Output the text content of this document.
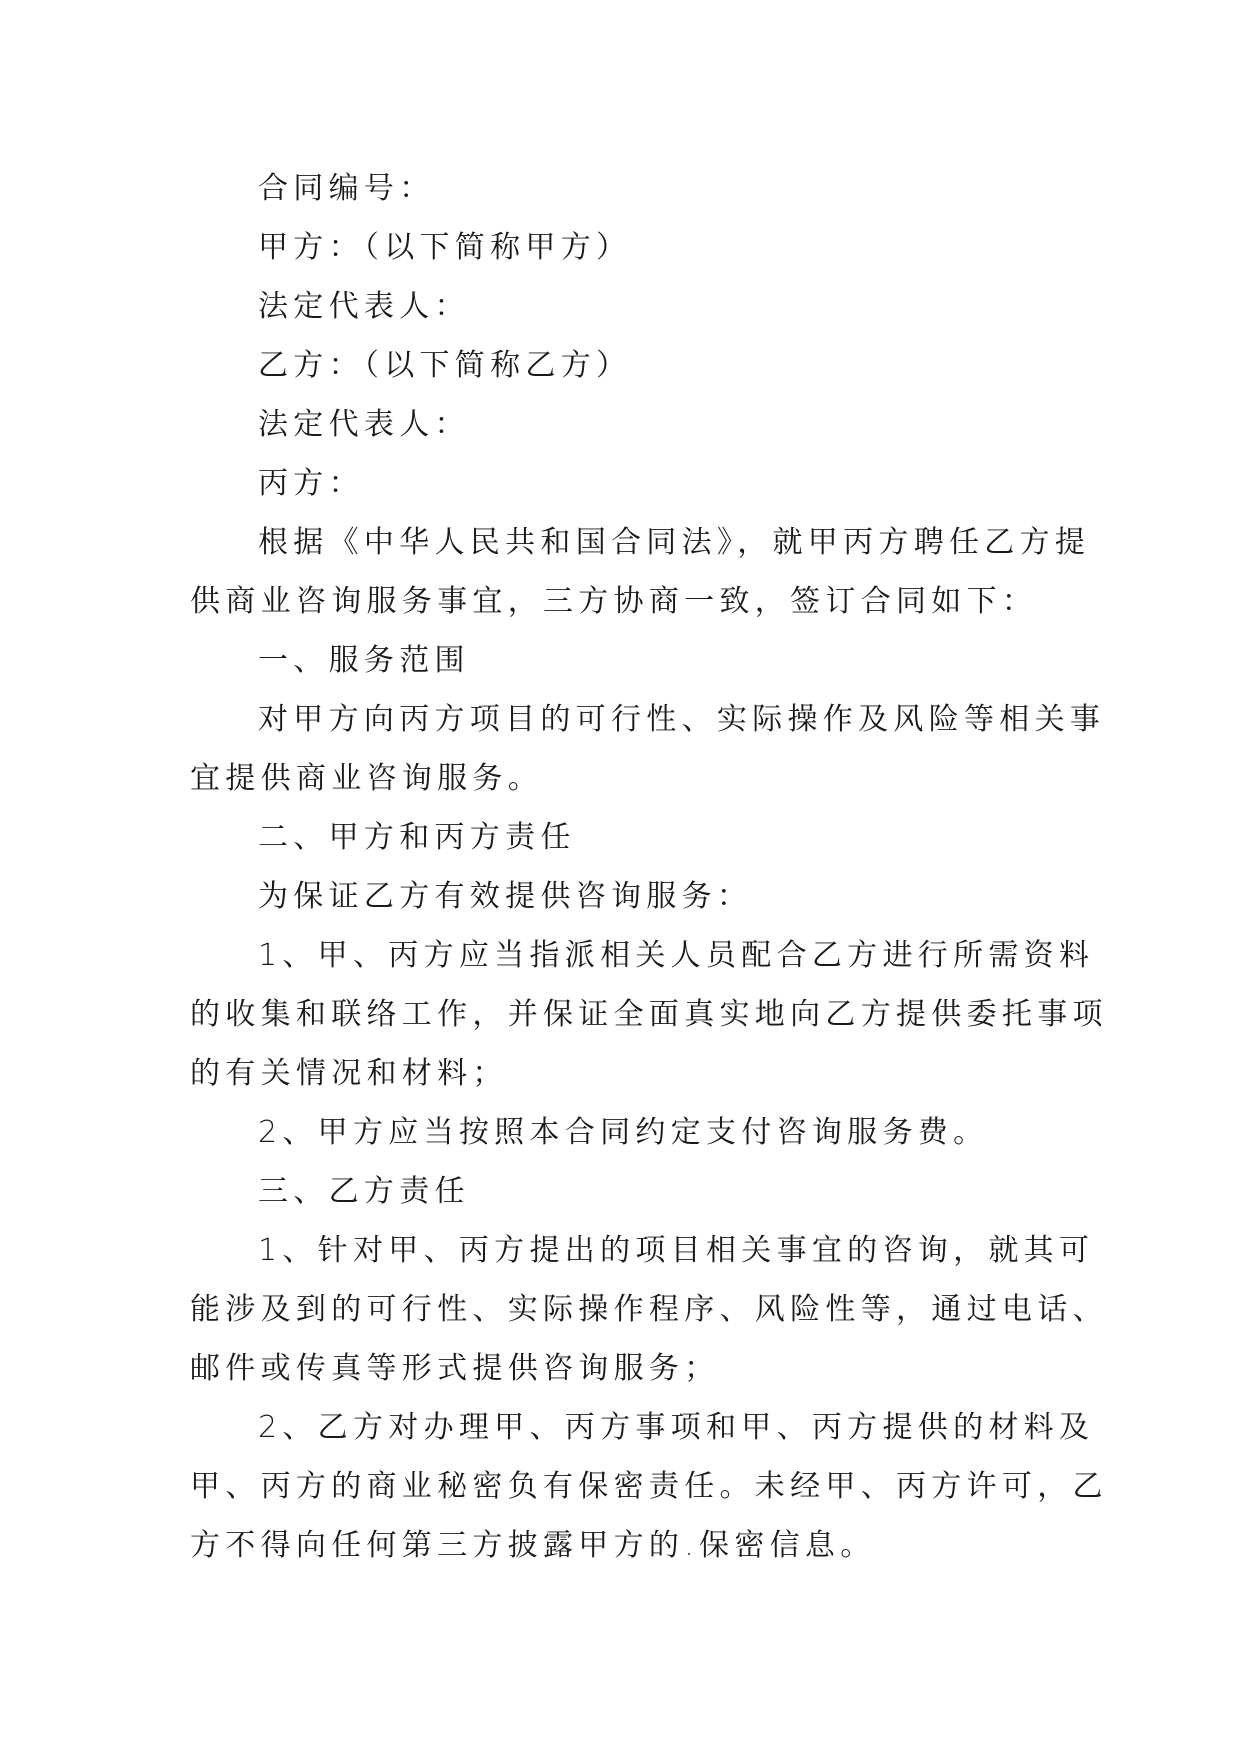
合同编号：
甲方：（以下简称甲方）
法定代表人：
乙方：（以下简称乙方）
法定代表人：
丙方：
根据《中华人民共和国合同法》，就甲丙方聘任乙方提
供商业咨询服务事宜，三方协商一致，签订合同如下：
一、服务范围
对甲方向丙方项目的可行性、实际操作及风险等相关事
宜提供商业咨询服务。
二、甲方和丙方责任
为保证乙方有效提供咨询服务：
1、甲、丙方应当指派相关人员配合乙方进行所需资料
的收集和联络工作，并保证全面真实地向乙方提供委托事项
的有关情况和材料；
2、甲方应当按照本合同约定支付咨询服务费。
三、乙方责任
1、针对甲、丙方提出的项目相关事宜的咨询，就其可
能涉及到的可行性、实际操作程序、风险性等，通过电话、
邮件或传真等形式提供咨询服务；
2、乙方对办理甲、丙方事项和甲、丙方提供的材料及
甲、丙方的商业秘密负有保密责任。未经甲、丙方许可，乙
方不得向任何第三方披露甲方的.保密信息。
